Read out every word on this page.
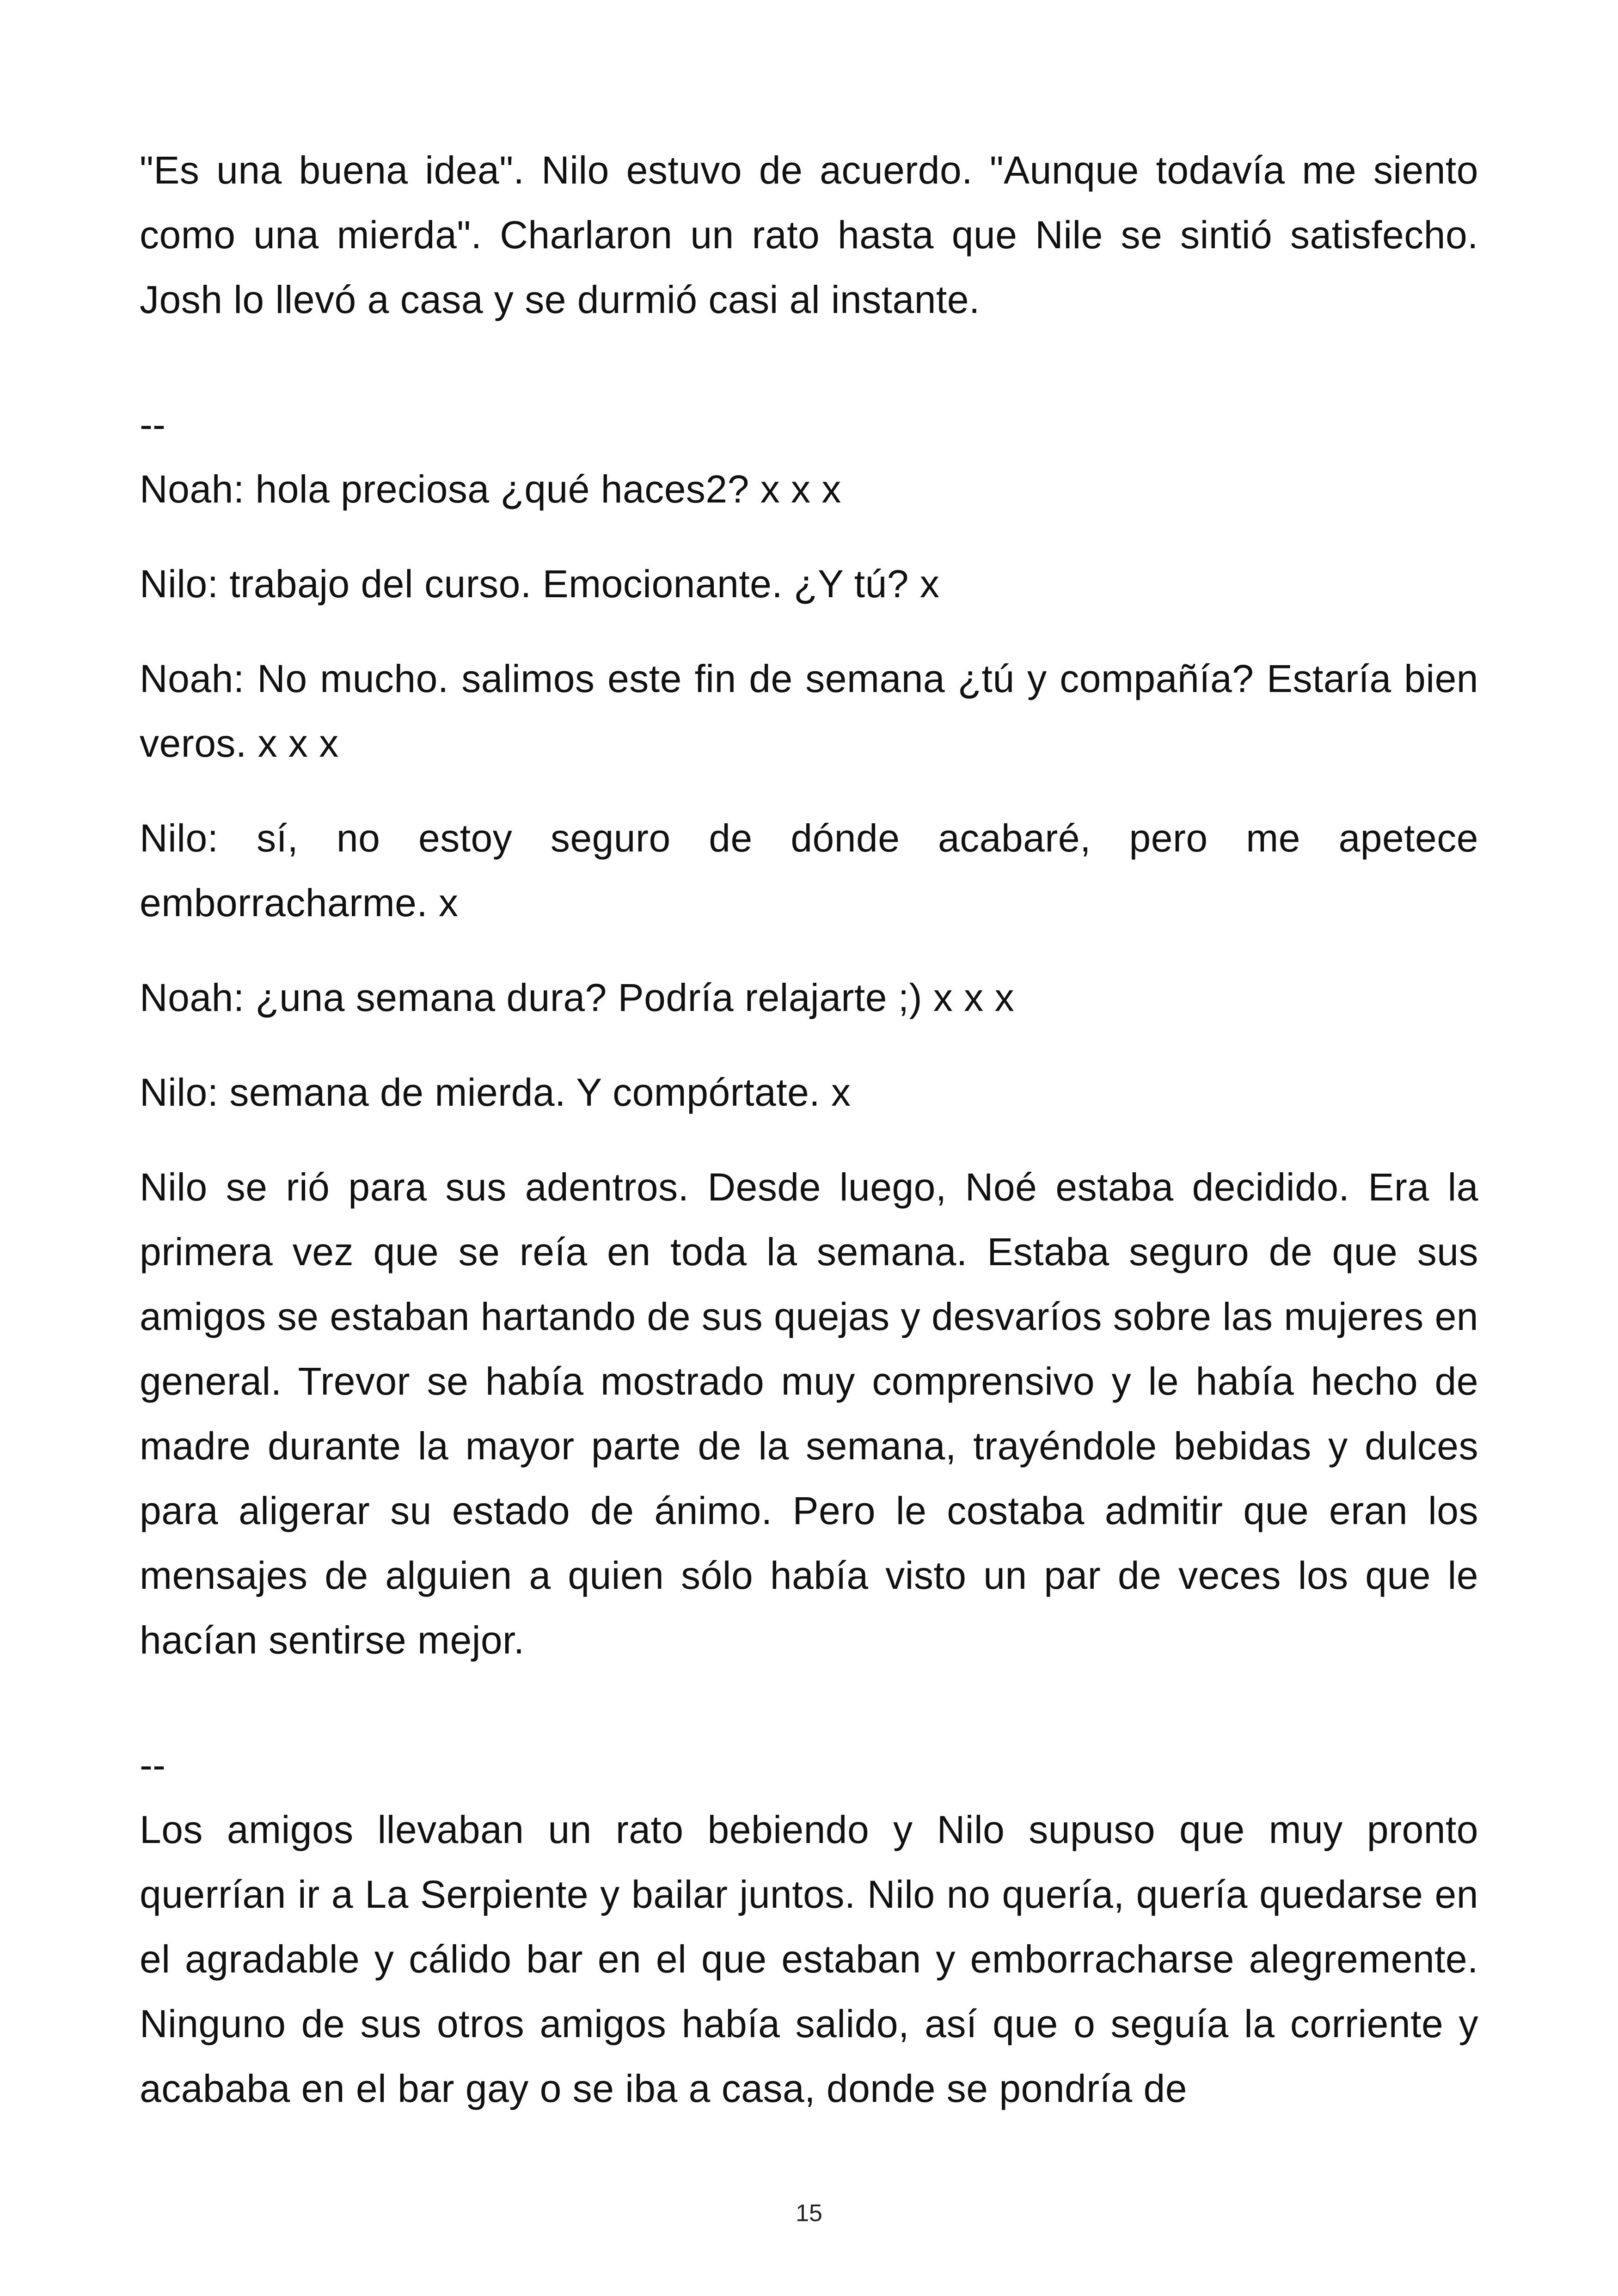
"Es una buena idea". Nilo estuvo de acuerdo. "Aunque todavía me siento como una mierda". Charlaron un rato hasta que Nile se sintió satisfecho. Josh lo llevó a casa y se durmió casi al instante.

--

Noah: hola preciosa ¿qué haces2? x x x

Nilo: trabajo del curso. Emocionante. ¿Y tú? x

Noah: No mucho. salimos este fin de semana ¿tú y compañía? Estaría bien veros. x x x

Nilo: sí, no estoy seguro de dónde acabaré, pero me apetece emborracharme. x

Noah: ¿una semana dura? Podría relajarte ;) x x x

Nilo: semana de mierda. Y compórtate. x

Nilo se rió para sus adentros. Desde luego, Noé estaba decidido. Era la primera vez que se reía en toda la semana. Estaba seguro de que sus amigos se estaban hartando de sus quejas y desvaríos sobre las mujeres en general. Trevor se había mostrado muy comprensivo y le había hecho de madre durante la mayor parte de la semana, trayéndole bebidas y dulces para aligerar su estado de ánimo. Pero le costaba admitir que eran los mensajes de alguien a quien sólo había visto un par de veces los que le hacían sentirse mejor.

--

Los amigos llevaban un rato bebiendo y Nilo supuso que muy pronto querrían ir a La Serpiente y bailar juntos. Nilo no quería, quería quedarse en el agradable y cálido bar en el que estaban y emborracharse alegremente. Ninguno de sus otros amigos había salido, así que o seguía la corriente y acababa en el bar gay o se iba a casa, donde se pondría de

15
